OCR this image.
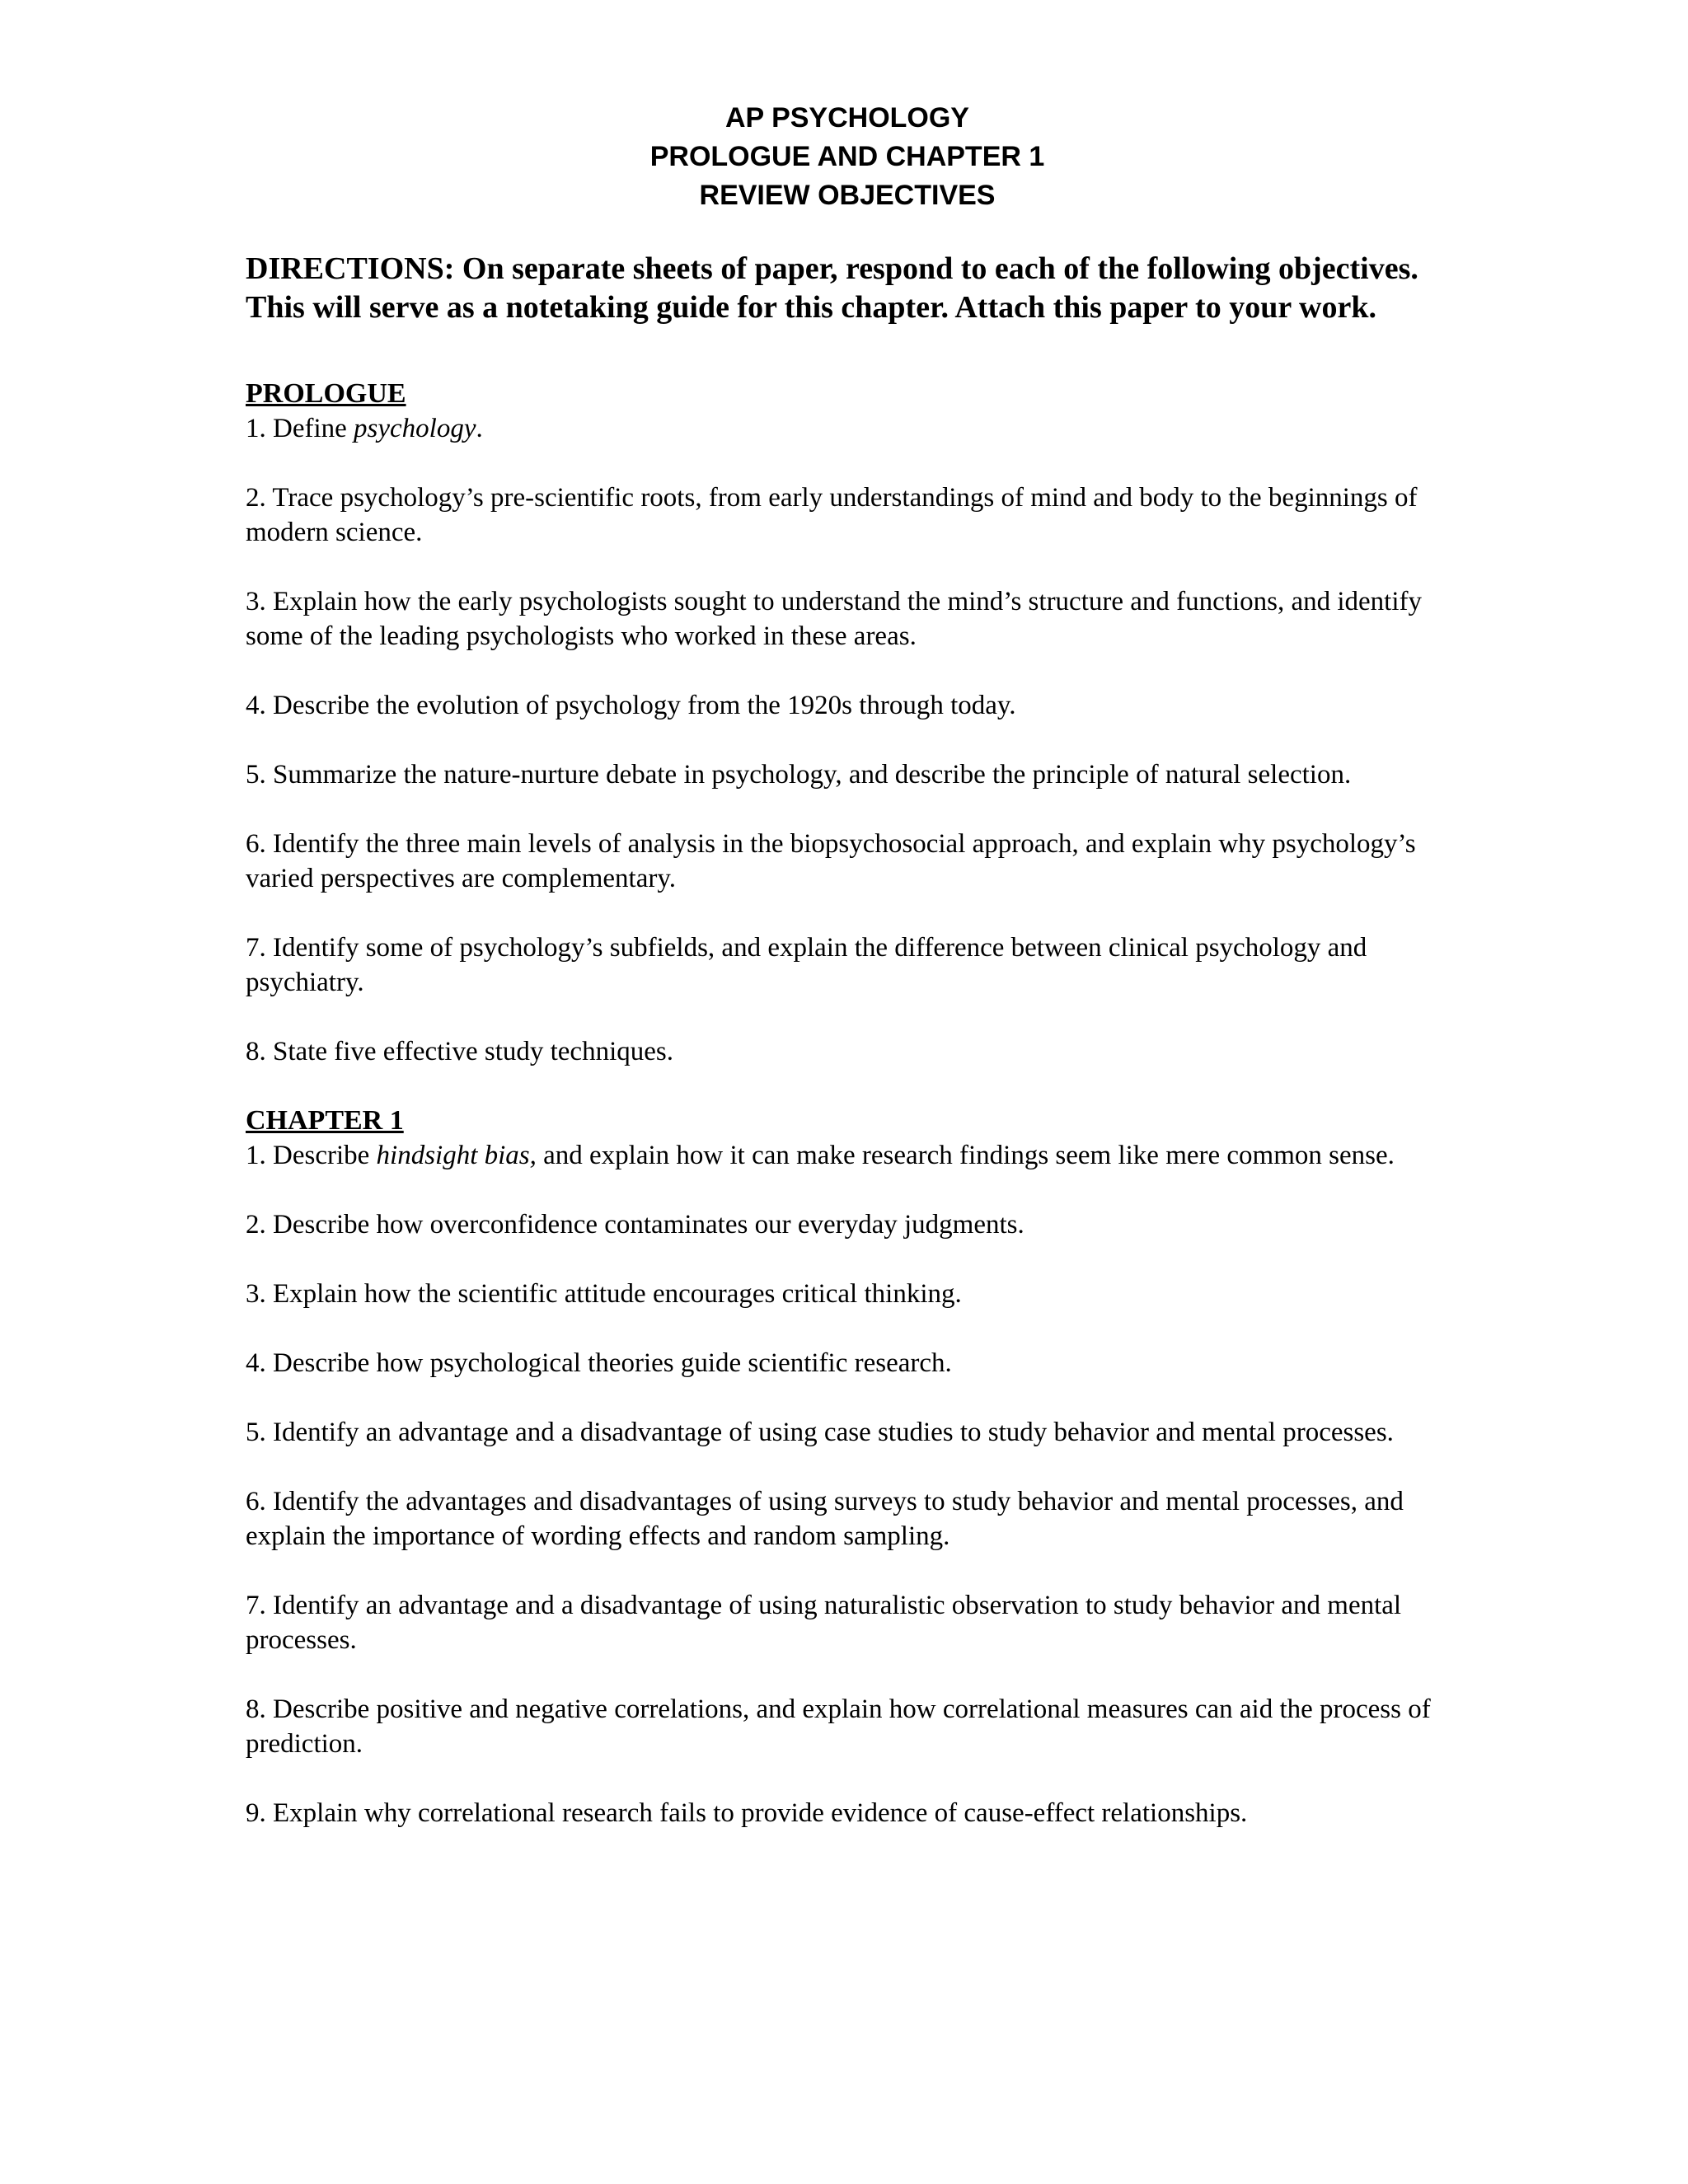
AP PSYCHOLOGY
PROLOGUE AND CHAPTER 1
REVIEW OBJECTIVES

DIRECTIONS: On separate sheets of paper, respond to each of the following objectives. This will serve as a notetaking guide for this chapter. Attach this paper to your work.

PROLOGUE

1. Define psychology.

2. Trace psychology’s pre-scientific roots, from early understandings of mind and body to the beginnings of modern science.

3. Explain how the early psychologists sought to understand the mind’s structure and functions, and identify some of the leading psychologists who worked in these areas.

4. Describe the evolution of psychology from the 1920s through today.

5. Summarize the nature-nurture debate in psychology, and describe the principle of natural selection.

6. Identify the three main levels of analysis in the biopsychosocial approach, and explain why psychology’s varied perspectives are complementary.

7. Identify some of psychology’s subfields, and explain the difference between clinical psychology and psychiatry.

8. State five effective study techniques.

CHAPTER 1

1. Describe hindsight bias, and explain how it can make research findings seem like mere common sense.

2. Describe how overconfidence contaminates our everyday judgments.

3. Explain how the scientific attitude encourages critical thinking.

4. Describe how psychological theories guide scientific research.

5. Identify an advantage and a disadvantage of using case studies to study behavior and mental processes.

6. Identify the advantages and disadvantages of using surveys to study behavior and mental processes, and explain the importance of wording effects and random sampling.

7. Identify an advantage and a disadvantage of using naturalistic observation to study behavior and mental processes.

8. Describe positive and negative correlations, and explain how correlational measures can aid the process of prediction.

9. Explain why correlational research fails to provide evidence of cause-effect relationships.
